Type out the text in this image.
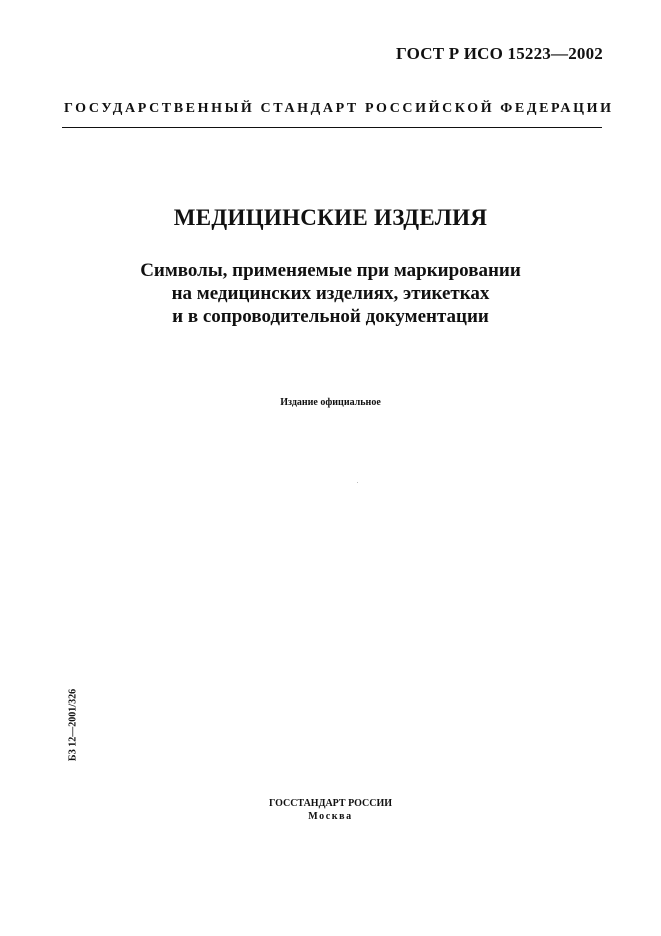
ГОСТ Р ИСО 15223—2002
ГОСУДАРСТВЕННЫЙ СТАНДАРТ РОССИЙСКОЙ ФЕДЕРАЦИИ
МЕДИЦИНСКИЕ ИЗДЕЛИЯ
Символы, применяемые при маркировании
на медицинских изделиях, этикетках
и в сопроводительной документации
Издание официальное
БЗ 12—2001/326
ГОССТАНДАРТ РОССИИ
Москва
